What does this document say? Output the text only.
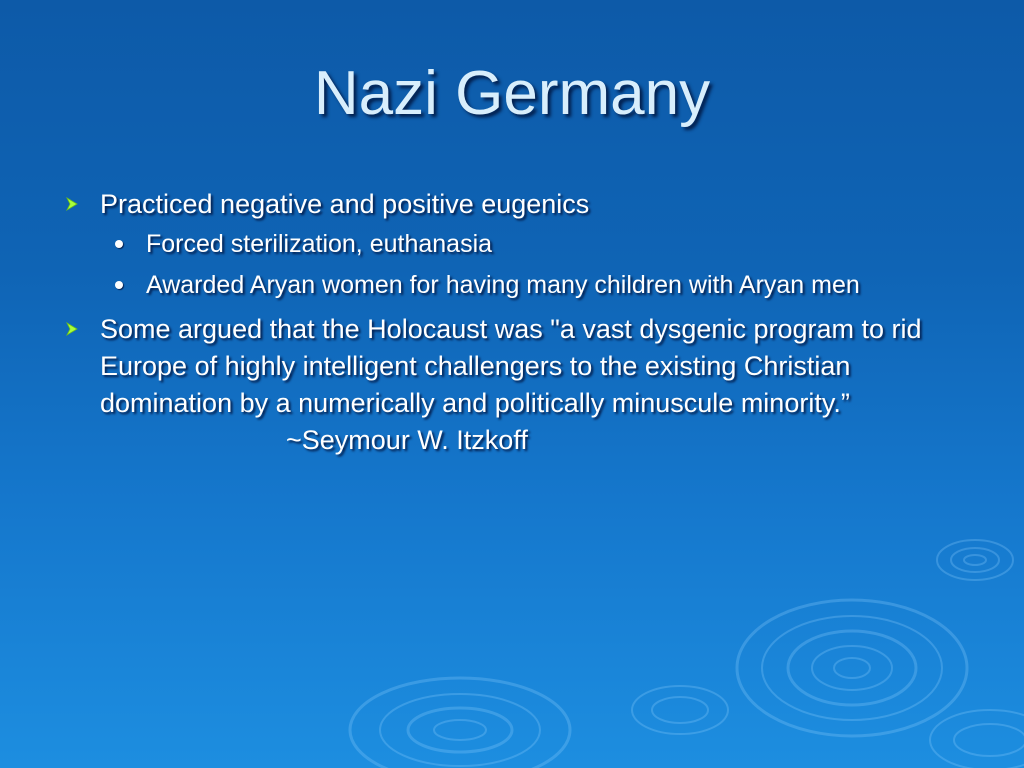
Nazi Germany
Practiced negative and positive eugenics
Forced sterilization, euthanasia
Awarded Aryan women for having many children with Aryan men
Some argued that the Holocaust was "a vast dysgenic program to rid Europe of highly intelligent challengers to the existing Christian domination by a numerically and politically minuscule minority.”~Seymour W. Itzkoff
